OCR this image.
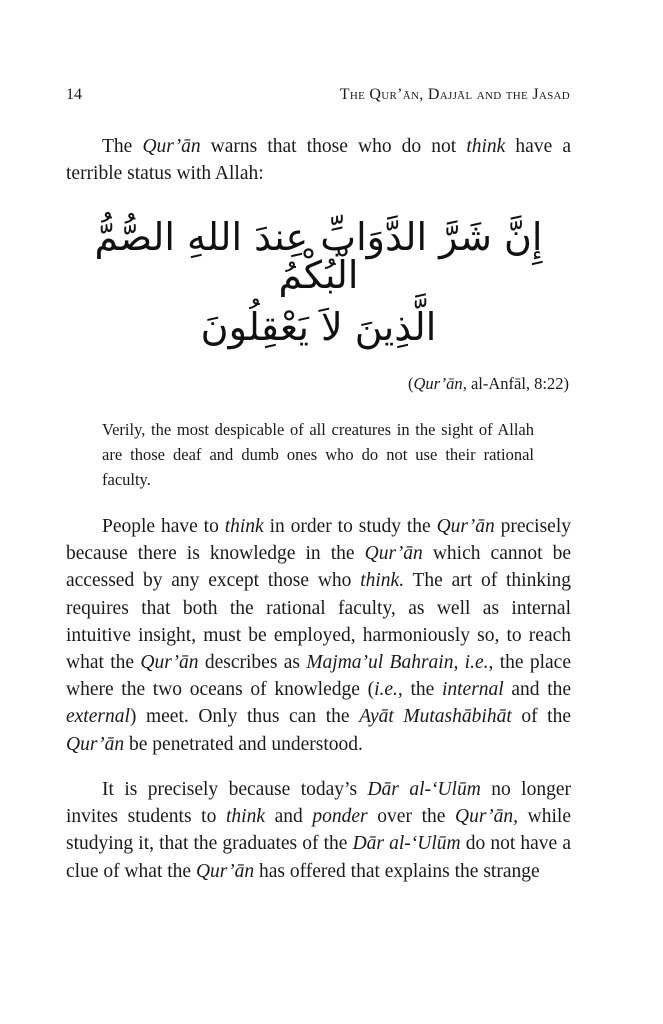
14	The Qur’ān, Dajjāl and the Jasad

The Qur’ān warns that those who do not think have a terrible status with Allah:

إِنَّ شَرَّ الدَّوَابِّ عِندَ اللهِ الصُّمُّ الْبُكْمُ
الَّذِينَ لاَ يَعْقِلُونَ
(Qur’ān, al-Anfāl, 8:22)

Verily, the most despicable of all creatures in the sight of Allah are those deaf and dumb ones who do not use their rational faculty.

People have to think in order to study the Qur’ān precisely because there is knowledge in the Qur’ān which cannot be accessed by any except those who think. The art of thinking requires that both the rational faculty, as well as internal intuitive insight, must be employed, harmoniously so, to reach what the Qur’ān describes as Majma’ul Bahrain, i.e., the place where the two oceans of knowledge (i.e., the internal and the external) meet. Only thus can the Ayāt Mutashābihāt of the Qur’ān be penetrated and understood.

It is precisely because today’s Dār al-‘Ulūm no longer invites students to think and ponder over the Qur’ān, while studying it, that the graduates of the Dār al-‘Ulūm do not have a clue of what the Qur’ān has offered that explains the strange
